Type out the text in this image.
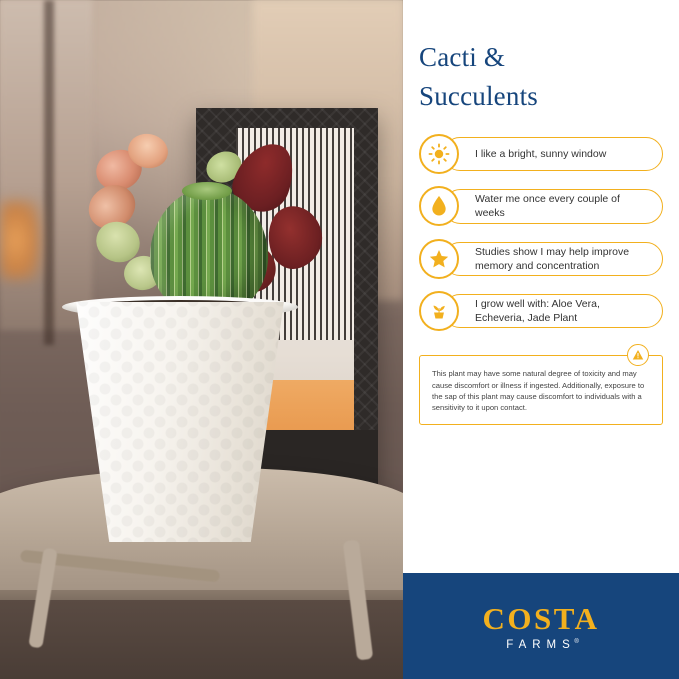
Cacti &
Succulents
I like a bright, sunny window
Water me once every couple of weeks
Studies show I may help improve memory and concentration
I grow well with: Aloe Vera, Echeveria, Jade Plant
This plant may have some natural degree of toxicity and may cause discomfort or illness if ingested. Additionally, exposure to the sap of this plant may cause discomfort to individuals with a sensitivity to it upon contact.
COSTA
FARMS
®
